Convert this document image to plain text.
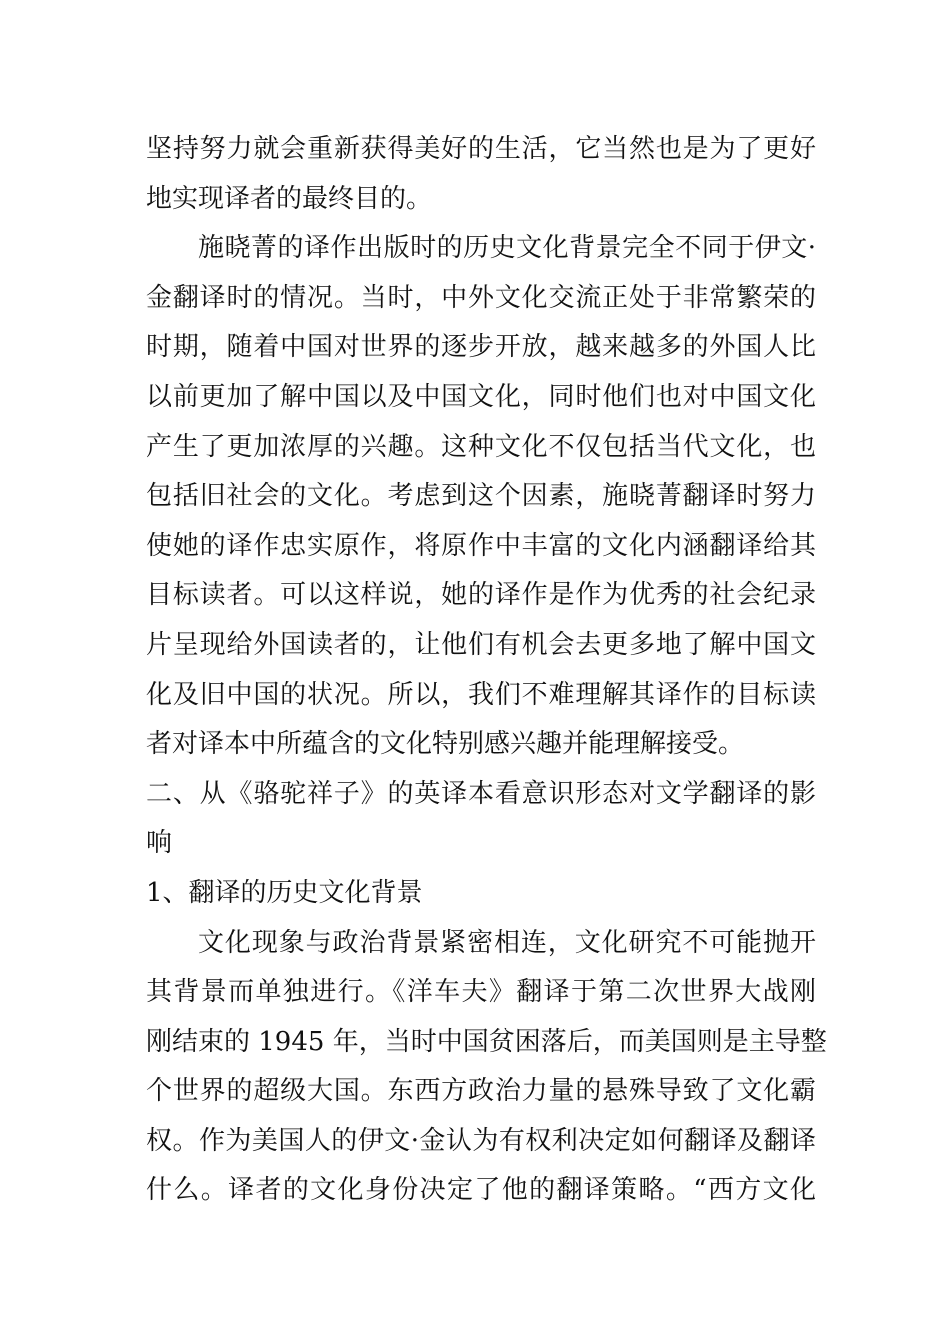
坚持努力就会重新获得美好的生活，它当然也是为了更好
地实现译者的最终目的。
施晓菁的译作出版时的历史文化背景完全不同于伊文·
金翻译时的情况。当时，中外文化交流正处于非常繁荣的
时期，随着中国对世界的逐步开放，越来越多的外国人比
以前更加了解中国以及中国文化，同时他们也对中国文化
产生了更加浓厚的兴趣。这种文化不仅包括当代文化，也
包括旧社会的文化。考虑到这个因素，施晓菁翻译时努力
使她的译作忠实原作，将原作中丰富的文化内涵翻译给其
目标读者。可以这样说，她的译作是作为优秀的社会纪录
片呈现给外国读者的，让他们有机会去更多地了解中国文
化及旧中国的状况。所以，我们不难理解其译作的目标读
者对译本中所蕴含的文化特别感兴趣并能理解接受。
二、从《骆驼祥子》的英译本看意识形态对文学翻译的影
响
1、翻译的历史文化背景
文化现象与政治背景紧密相连，文化研究不可能抛开
其背景而单独进行。《洋车夫》翻译于第二次世界大战刚
刚结束的 1945 年，当时中国贫困落后，而美国则是主导整
个世界的超级大国。东西方政治力量的悬殊导致了文化霸
权。作为美国人的伊文·金认为有权利决定如何翻译及翻译
什么。译者的文化身份决定了他的翻译策略。“西方文化
